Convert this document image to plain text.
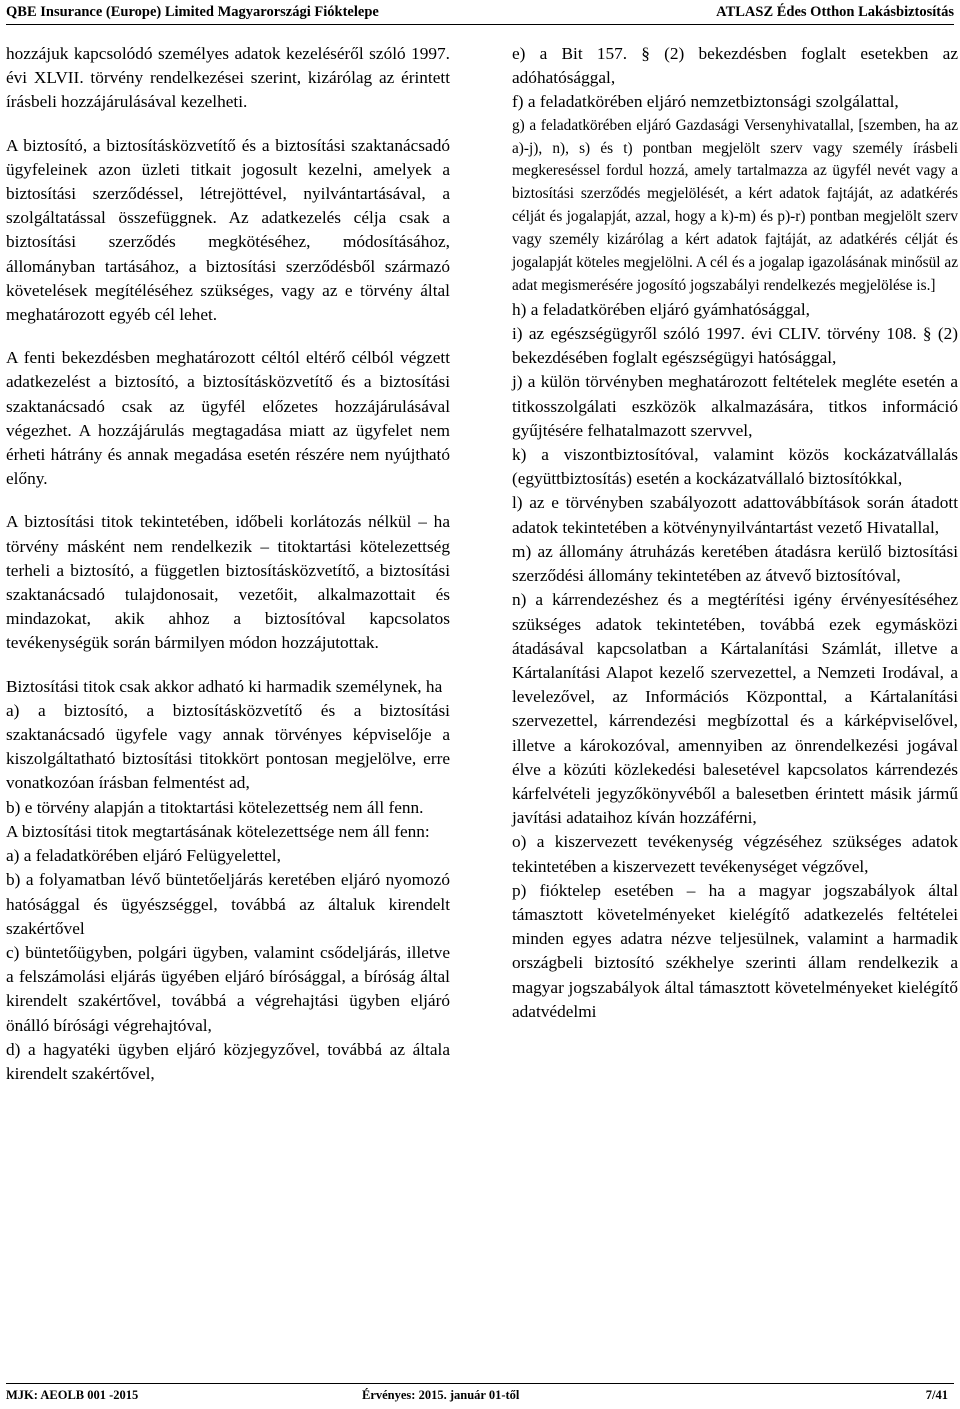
QBE Insurance (Europe) Limited Magyarországi Fióktelepe	ATLASZ Édes Otthon Lakásbiztosítás

hozzájuk kapcsolódó személyes adatok kezeléséről szóló 1997. évi XLVII. törvény rendelkezései szerint, kizárólag az érintett írásbeli hozzájárulásával kezelheti.

A biztosító, a biztosításközvetítő és a biztosítási szaktanácsadó ügyfeleinek azon üzleti titkait jogosult kezelni, amelyek a biztosítási szerződéssel, létrejöttével, nyilvántartásával, a szolgáltatással összefüggnek. Az adatkezelés célja csak a biztosítási szerződés megkötéséhez, módosításához, állományban tartásához, a biztosítási szerződésből származó követelések megítéléséhez szükséges, vagy az e törvény által meghatározott egyéb cél lehet.

A fenti bekezdésben meghatározott céltól eltérő célból végzett adatkezelést a biztosító, a biztosításközvetítő és a biztosítási szaktanácsadó csak az ügyfél előzetes hozzájárulásával végezhet. A hozzájárulás megtagadása miatt az ügyfelet nem érheti hátrány és annak megadása esetén részére nem nyújtható előny.

A biztosítási titok tekintetében, időbeli korlátozás nélkül – ha törvény másként nem rendelkezik – titoktartási kötelezettség terheli a biztosító, a független biztosításközvetítő, a biztosítási szaktanácsadó tulajdonosait, vezetőit, alkalmazottait és mindazokat, akik ahhoz a biztosítóval kapcsolatos tevékenységük során bármilyen módon hozzájutottak.

Biztosítási titok csak akkor adható ki harmadik személynek, ha

a) a biztosító, a biztosításközvetítő és a biztosítási szaktanácsadó ügyfele vagy annak törvényes képviselője a kiszolgáltatható biztosítási titokkört pontosan megjelölve, erre vonatkozóan írásban felmentést ad,

b) e törvény alapján a titoktartási kötelezettség nem áll fenn.

A biztosítási titok megtartásának kötelezettsége nem áll fenn:

a) a feladatkörében eljáró Felügyelettel,

b) a folyamatban lévő büntetőeljárás keretében eljáró nyomozó hatósággal és ügyészséggel, továbbá az általuk kirendelt szakértővel

c) büntetőügyben, polgári ügyben, valamint csődeljárás, illetve a felszámolási eljárás ügyében eljáró bírósággal, a bíróság által kirendelt szakértővel, továbbá a végrehajtási ügyben eljáró önálló bírósági végrehajtóval,

d) a hagyatéki ügyben eljáró közjegyzővel, továbbá az általa kirendelt szakértővel,

e) a Bit 157. § (2) bekezdésben foglalt esetekben az adóhatósággal,

f) a feladatkörében eljáró nemzetbiztonsági szolgálattal,

g) a feladatkörében eljáró Gazdasági Versenyhivatallal, [szemben, ha az a)-j), n), s) és t) pontban megjelölt szerv vagy személy írásbeli megkereséssel fordul hozzá, amely tartalmazza az ügyfél nevét vagy a biztosítási szerződés megjelölését, a kért adatok fajtáját, az adatkérés célját és jogalapját, azzal, hogy a k)-m) és p)-r) pontban megjelölt szerv vagy személy kizárólag a kért adatok fajtáját, az adatkérés célját és jogalapját köteles megjelölni. A cél és a jogalap igazolásának minősül az adat megismerésére jogosító jogszabályi rendelkezés megjelölése is.]

h) a feladatkörében eljáró gyámhatósággal,

i) az egészségügyről szóló 1997. évi CLIV. törvény 108. § (2) bekezdésében foglalt egészségügyi hatósággal,

j) a külön törvényben meghatározott feltételek megléte esetén a titkosszolgálati eszközök alkalmazására, titkos információ gyűjtésére felhatalmazott szervvel,

k) a viszontbiztosítóval, valamint közös kockázatvállalás (együttbiztosítás) esetén a kockázatvállaló biztosítókkal,

l) az e törvényben szabályozott adattovábbítások során átadott adatok tekintetében a kötvénynyilvántartást vezető Hivatallal,

m) az állomány átruházás keretében átadásra kerülő biztosítási szerződési állomány tekintetében az átvevő biztosítóval,

n) a kárrendezéshez és a megtérítési igény érvényesítéséhez szükséges adatok tekintetében, továbbá ezek egymásközi átadásával kapcsolatban a Kártalanítási Számlát, illetve a Kártalanítási Alapot kezelő szervezettel, a Nemzeti Irodával, a levelezővel, az Információs Központtal, a Kártalanítási szervezettel, kárrendezési megbízottal és a kárképviselővel, illetve a károkozóval, amennyiben az önrendelkezési jogával élve a közúti közlekedési balesetével kapcsolatos kárrendezés kárfelvételi jegyzőkönyvéből a balesetben érintett másik jármű javítási adataihoz kíván hozzáférni,

o) a kiszervezett tevékenység végzéséhez szükséges adatok tekintetében a kiszervezett tevékenységet végzővel,

p) fióktelep esetében – ha a magyar jogszabályok által támasztott követelményeket kielégítő adatkezelés feltételei minden egyes adatra nézve teljesülnek, valamint a harmadik országbeli biztosító székhelye szerinti állam rendelkezik a magyar jogszabályok által támasztott követelményeket kielégítő adatvédelmi

MJK: AEOLB 001 -2015	Érvényes: 2015. január 01-től	7/41
